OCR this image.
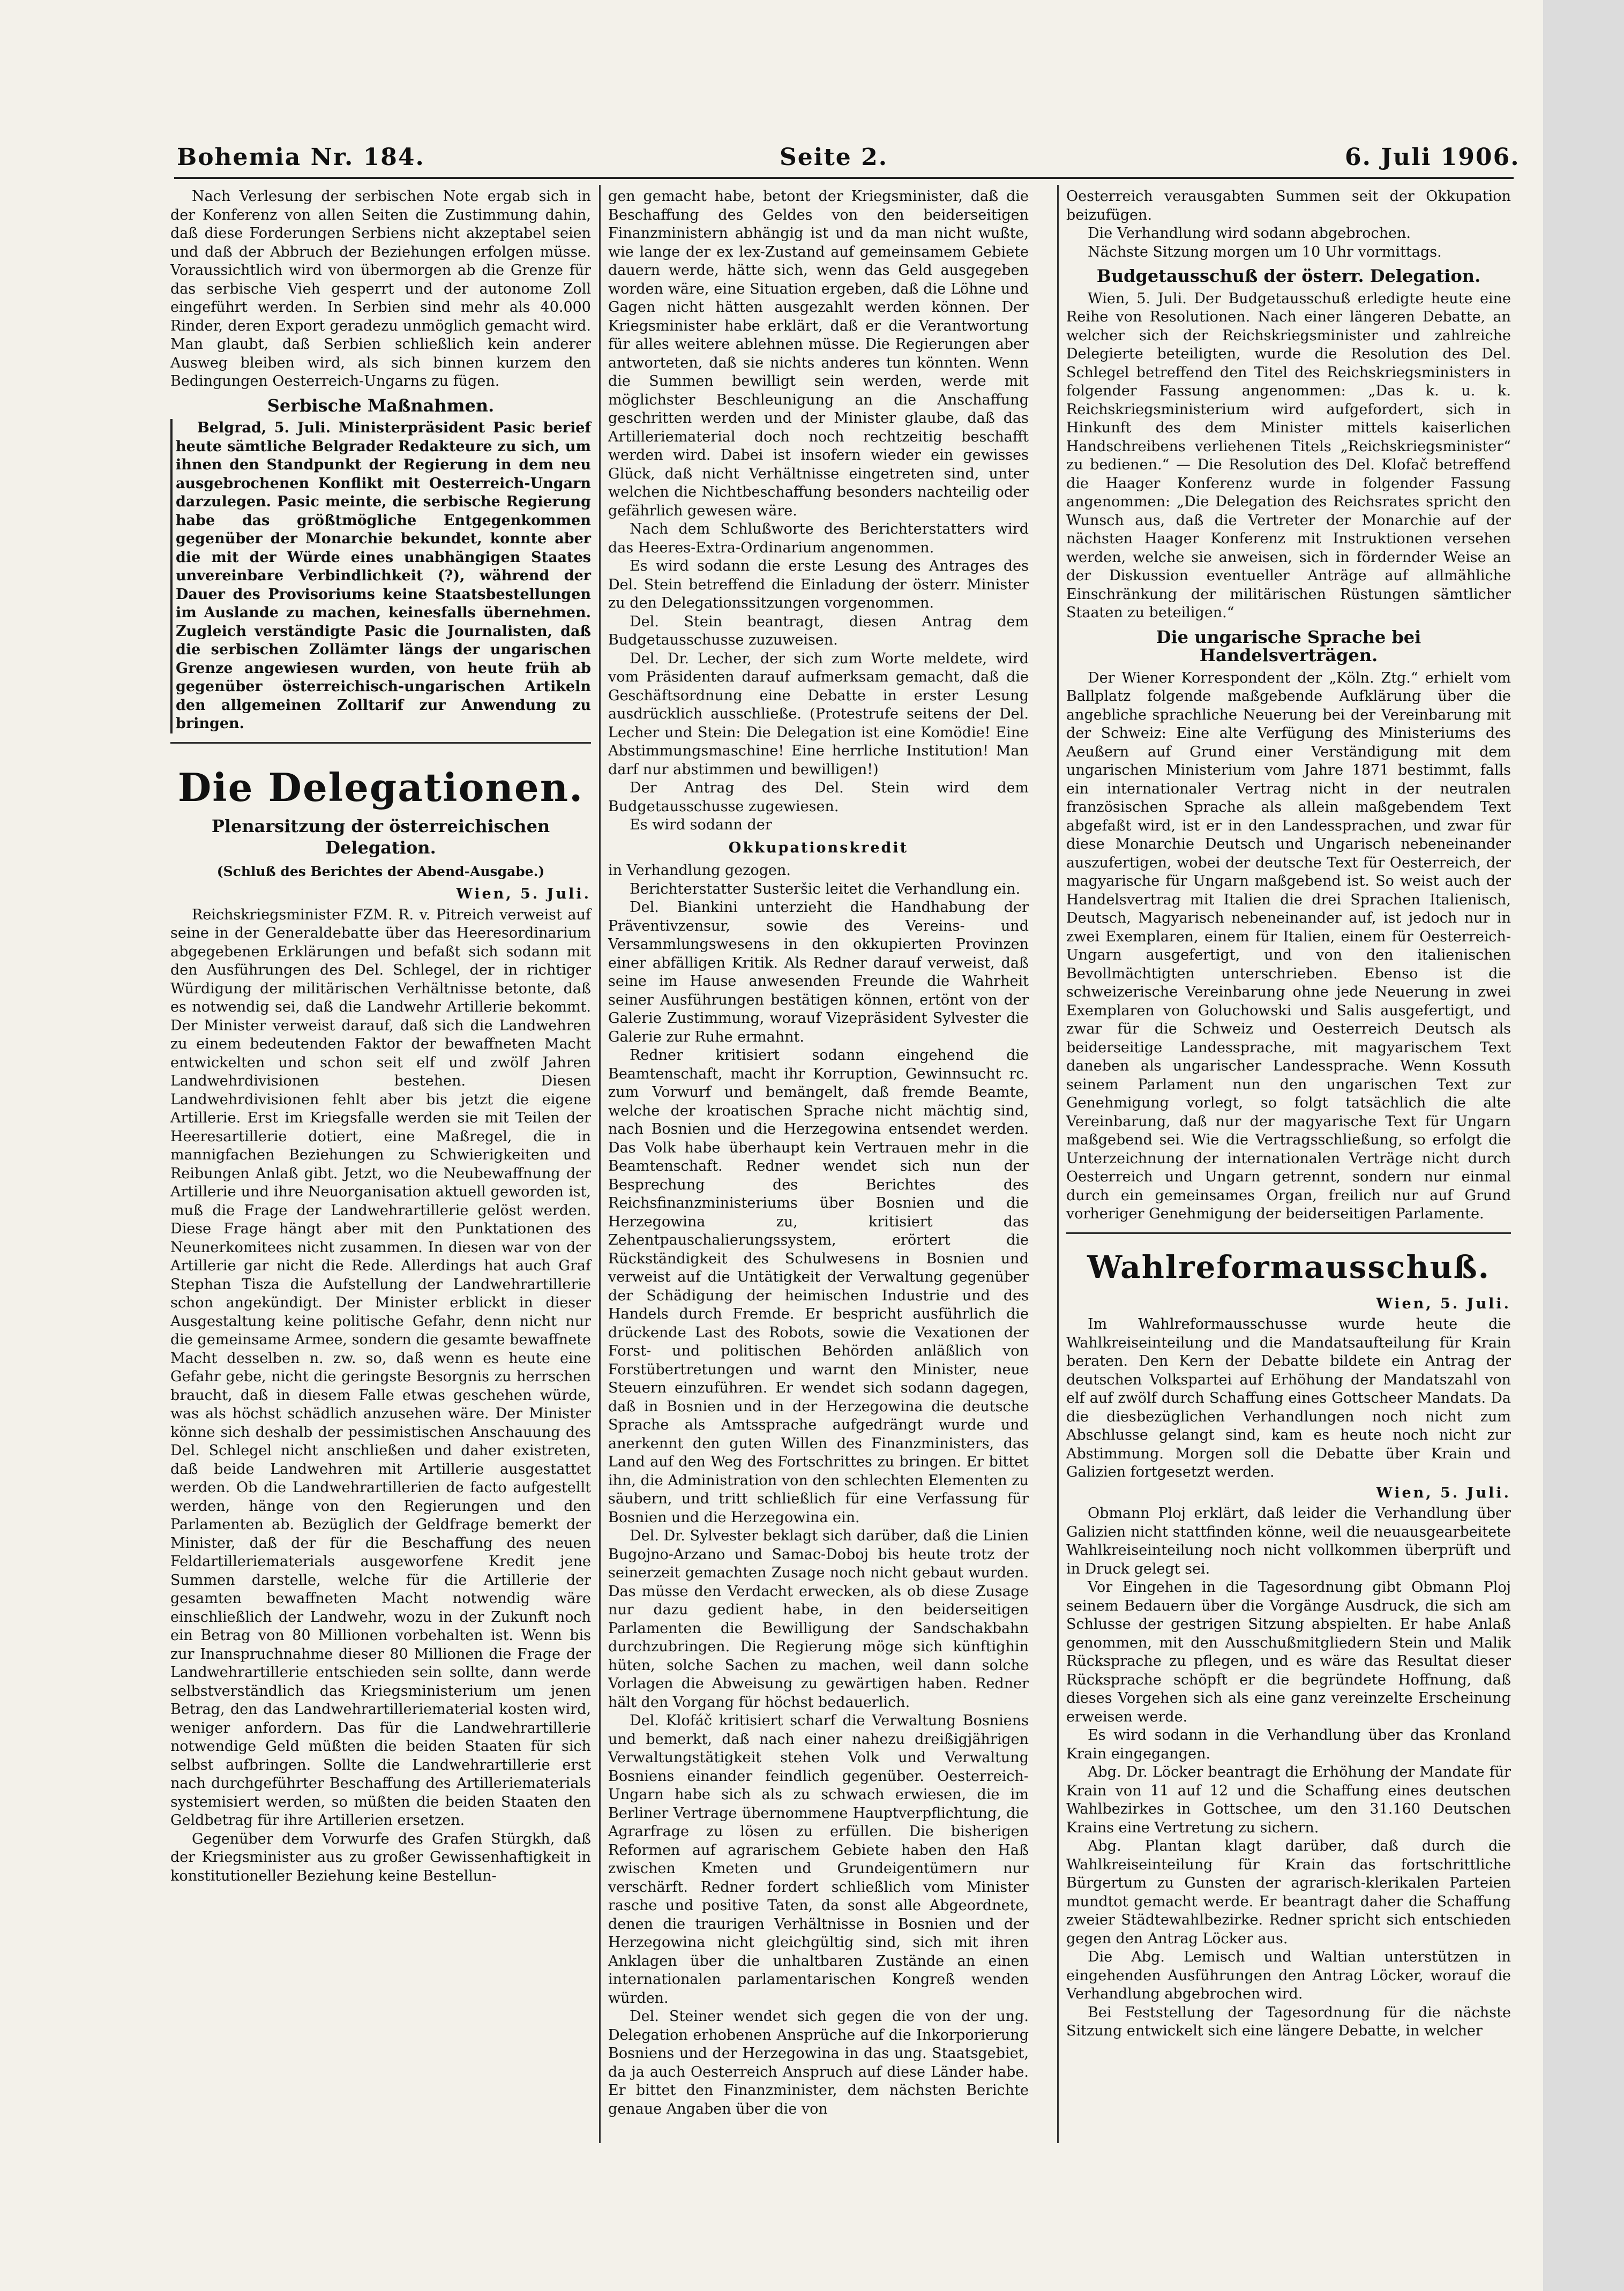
Bohemia Nr. 184.	Seite 2.	6. Juli 1906.

Nach Verlesung der serbischen Note ergab sich in der Konferenz von allen Seiten die Zustimmung dahin, daß diese Forderungen Serbiens nicht akzeptabel seien und daß der Abbruch der Beziehungen erfolgen müsse. Voraussichtlich wird von übermorgen ab die Grenze für das serbische Vieh gesperrt und der autonome Zoll eingeführt werden. In Serbien sind mehr als 40.000 Rinder, deren Export geradezu unmöglich gemacht wird. Man glaubt, daß Serbien schließlich kein anderer Ausweg bleiben wird, als sich binnen kurzem den Bedingungen Oesterreich-Ungarns zu fügen.

Serbische Maßnahmen.

Belgrad, 5. Juli. Ministerpräsident Pasic berief heute sämtliche Belgrader Redakteure zu sich, um ihnen den Standpunkt der Regierung in dem neu ausgebrochenen Konflikt mit Oesterreich-Ungarn darzulegen. Pasic meinte, die serbische Regierung habe das größtmögliche Entgegenkommen gegenüber der Monarchie bekundet, konnte aber die mit der Würde eines unabhängigen Staates unvereinbare Verbindlichkeit (?), während der Dauer des Provisoriums keine Staatsbestellungen im Auslande zu machen, keinesfalls übernehmen. Zugleich verständigte Pasic die Journalisten, daß die serbischen Zollämter längs der ungarischen Grenze angewiesen wurden, von heute früh ab gegenüber österreichisch-ungarischen Artikeln den allgemeinen Zolltarif zur Anwendung zu bringen.

Die Delegationen.
Plenarsitzung der österreichischen Delegation.
(Schluß des Berichtes der Abend-Ausgabe.)
Wien, 5. Juli.

Reichskriegsminister FZM. R. v. Pitreich verweist auf seine in der Generaldebatte über das Heeresordinarium abgegebenen Erklärungen und befaßt sich sodann mit den Ausführungen des Del. Schlegel, der in richtiger Würdigung der militärischen Verhältnisse betonte, daß es notwendig sei, daß die Landwehr Artillerie bekommt. Der Minister verweist darauf, daß sich die Landwehren zu einem bedeutenden Faktor der bewaffneten Macht entwickelten und schon seit elf und zwölf Jahren Landwehrdivisionen bestehen. Diesen Landwehrdivisionen fehlt aber bis jetzt die eigene Artillerie. Erst im Kriegsfalle werden sie mit Teilen der Heeresartillerie dotiert, eine Maßregel, die in mannigfachen Beziehungen zu Schwierigkeiten und Reibungen Anlaß gibt. Jetzt, wo die Neubewaffnung der Artillerie und ihre Neuorganisation aktuell geworden ist, muß die Frage der Landwehrartillerie gelöst werden. Diese Frage hängt aber mit den Punktationen des Neunerkomitees nicht zusammen. In diesen war von der Artillerie gar nicht die Rede. Allerdings hat auch Graf Stephan Tisza die Aufstellung der Landwehrartillerie schon angekündigt. Der Minister erblickt in dieser Ausgestaltung keine politische Gefahr, denn nicht nur die gemeinsame Armee, sondern die gesamte bewaffnete Macht desselben n. zw. so, daß wenn es heute eine Gefahr gebe, nicht die geringste Besorgnis zu herrschen braucht, daß in diesem Falle etwas geschehen würde, was als höchst schädlich anzusehen wäre. Der Minister könne sich deshalb der pessimistischen Anschauung des Del. Schlegel nicht anschließen und daher existreten, daß beide Landwehren mit Artillerie ausgestattet werden. Ob die Landwehrartillerien de facto aufgestellt werden, hänge von den Regierungen und den Parlamenten ab. Bezüglich der Geldfrage bemerkt der Minister, daß der für die Beschaffung des neuen Feldartilleriematerials ausgeworfene Kredit jene Summen darstelle, welche für die Artillerie der gesamten bewaffneten Macht notwendig wäre einschließlich der Landwehr, wozu in der Zukunft noch ein Betrag von 80 Millionen vorbehalten ist. Wenn bis zur Inanspruchnahme dieser 80 Millionen die Frage der Landwehrartillerie entschieden sein sollte, dann werde selbstverständlich das Kriegsministerium um jenen Betrag, den das Landwehrartilleriematerial kosten wird, weniger anfordern. Das für die Landwehrartillerie notwendige Geld müßten die beiden Staaten für sich selbst aufbringen. Sollte die Landwehrartillerie erst nach durchgeführter Beschaffung des Artilleriematerials systemisiert werden, so müßten die beiden Staaten den Geldbetrag für ihre Artillerien ersetzen.

Gegenüber dem Vorwurfe des Grafen Stürgkh, daß der Kriegsminister aus zu großer Gewissenhaftigkeit in konstitutioneller Beziehung keine Bestellun-

gen gemacht habe, betont der Kriegsminister, daß die Beschaffung des Geldes von den beiderseitigen Finanzministern abhängig ist und da man nicht wußte, wie lange der ex lex-Zustand auf gemeinsamem Gebiete dauern werde, hätte sich, wenn das Geld ausgegeben worden wäre, eine Situation ergeben, daß die Löhne und Gagen nicht hätten ausgezahlt werden können. Der Kriegsminister habe erklärt, daß er die Verantwortung für alles weitere ablehnen müsse. Die Regierungen aber antworteten, daß sie nichts anderes tun könnten. Wenn die Summen bewilligt sein werden, werde mit möglichster Beschleunigung an die Anschaffung geschritten werden und der Minister glaube, daß das Artilleriematerial doch noch rechtzeitig beschafft werden wird. Dabei ist insofern wieder ein gewisses Glück, daß nicht Verhältnisse eingetreten sind, unter welchen die Nichtbeschaffung besonders nachteilig oder gefährlich gewesen wäre.

Nach dem Schlußworte des Berichterstatters wird das Heeres-Extra-Ordinarium angenommen.

Es wird sodann die erste Lesung des Antrages des Del. Stein betreffend die Einladung der österr. Minister zu den Delegationssitzungen vorgenommen.

Del. Stein beantragt, diesen Antrag dem Budgetausschusse zuzuweisen.

Del. Dr. Lecher, der sich zum Worte meldete, wird vom Präsidenten darauf aufmerksam gemacht, daß die Geschäftsordnung eine Debatte in erster Lesung ausdrücklich ausschließe. (Protestrufe seitens der Del. Lecher und Stein: Die Delegation ist eine Komödie! Eine Abstimmungsmaschine! Eine herrliche Institution! Man darf nur abstimmen und bewilligen!)

Der Antrag des Del. Stein wird dem Budgetausschusse zugewiesen.

Es wird sodann der

Okkupationskredit

in Verhandlung gezogen.

Berichterstatter Susteršic leitet die Verhandlung ein.

Del. Biankini unterzieht die Handhabung der Präventivzensur, sowie des Vereins- und Versammlungswesens in den okkupierten Provinzen einer abfälligen Kritik. Als Redner darauf verweist, daß seine im Hause anwesenden Freunde die Wahrheit seiner Ausführungen bestätigen können, ertönt von der Galerie Zustimmung, worauf Vizepräsident Sylvester die Galerie zur Ruhe ermahnt.

Redner kritisiert sodann eingehend die Beamtenschaft, macht ihr Korruption, Gewinnsucht rc. zum Vorwurf und bemängelt, daß fremde Beamte, welche der kroatischen Sprache nicht mächtig sind, nach Bosnien und die Herzegowina entsendet werden. Das Volk habe überhaupt kein Vertrauen mehr in die Beamtenschaft. Redner wendet sich nun der Besprechung des Berichtes des Reichsfinanzministeriums über Bosnien und die Herzegowina zu, kritisiert das Zehentpauschalierungssystem, erörtert die Rückständigkeit des Schulwesens in Bosnien und verweist auf die Untätigkeit der Verwaltung gegenüber der Schädigung der heimischen Industrie und des Handels durch Fremde. Er bespricht ausführlich die drückende Last des Robots, sowie die Vexationen der Forst- und politischen Behörden anläßlich von Forstübertretungen und warnt den Minister, neue Steuern einzuführen. Er wendet sich sodann dagegen, daß in Bosnien und in der Herzegowina die deutsche Sprache als Amtssprache aufgedrängt wurde und anerkennt den guten Willen des Finanzministers, das Land auf den Weg des Fortschrittes zu bringen. Er bittet ihn, die Administration von den schlechten Elementen zu säubern, und tritt schließlich für eine Verfassung für Bosnien und die Herzegowina ein.

Del. Dr. Sylvester beklagt sich darüber, daß die Linien Bugojno-Arzano und Samac-Doboj bis heute trotz der seinerzeit gemachten Zusage noch nicht gebaut wurden. Das müsse den Verdacht erwecken, als ob diese Zusage nur dazu gedient habe, in den beiderseitigen Parlamenten die Bewilligung der Sandschakbahn durchzubringen. Die Regierung möge sich künftighin hüten, solche Sachen zu machen, weil dann solche Vorlagen die Abweisung zu gewärtigen haben. Redner hält den Vorgang für höchst bedauerlich.

Del. Klofáč kritisiert scharf die Verwaltung Bosniens und bemerkt, daß nach einer nahezu dreißigjährigen Verwaltungstätigkeit stehen Volk und Verwaltung Bosniens einander feindlich gegenüber. Oesterreich-Ungarn habe sich als zu schwach erwiesen, die im Berliner Vertrage übernommene Hauptverpflichtung, die Agrarfrage zu lösen zu erfüllen. Die bisherigen Reformen auf agrarischem Gebiete haben den Haß zwischen Kmeten und Grundeigentümern nur verschärft. Redner fordert schließlich vom Minister rasche und positive Taten, da sonst alle Abgeordnete, denen die traurigen Verhältnisse in Bosnien und der Herzegowina nicht gleichgültig sind, sich mit ihren Anklagen über die unhaltbaren Zustände an einen internationalen parlamentarischen Kongreß wenden würden.

Del. Steiner wendet sich gegen die von der ung. Delegation erhobenen Ansprüche auf die Inkorporierung Bosniens und der Herzegowina in das ung. Staatsgebiet, da ja auch Oesterreich Anspruch auf diese Länder habe. Er bittet den Finanzminister, dem nächsten Berichte genaue Angaben über die von

Oesterreich verausgabten Summen seit der Okkupation beizufügen.

Die Verhandlung wird sodann abgebrochen.

Nächste Sitzung morgen um 10 Uhr vormittags.

Budgetausschuß der österr. Delegation.

Wien, 5. Juli. Der Budgetausschuß erledigte heute eine Reihe von Resolutionen. Nach einer längeren Debatte, an welcher sich der Reichskriegsminister und zahlreiche Delegierte beteiligten, wurde die Resolution des Del. Schlegel betreffend den Titel des Reichskriegsministers in folgender Fassung angenommen: „Das k. u. k. Reichskriegsministerium wird aufgefordert, sich in Hinkunft des dem Minister mittels kaiserlichen Handschreibens verliehenen Titels „Reichskriegsminister“ zu bedienen.“ — Die Resolution des Del. Klofač betreffend die Haager Konferenz wurde in folgender Fassung angenommen: „Die Delegation des Reichsrates spricht den Wunsch aus, daß die Vertreter der Monarchie auf der nächsten Haager Konferenz mit Instruktionen versehen werden, welche sie anweisen, sich in fördernder Weise an der Diskussion eventueller Anträge auf allmähliche Einschränkung der militärischen Rüstungen sämtlicher Staaten zu beteiligen.“

Die ungarische Sprache bei Handelsverträgen.

Der Wiener Korrespondent der „Köln. Ztg.“ erhielt vom Ballplatz folgende maßgebende Aufklärung über die angebliche sprachliche Neuerung bei der Vereinbarung mit der Schweiz: Eine alte Verfügung des Ministeriums des Aeußern auf Grund einer Verständigung mit dem ungarischen Ministerium vom Jahre 1871 bestimmt, falls ein internationaler Vertrag nicht in der neutralen französischen Sprache als allein maßgebendem Text abgefaßt wird, ist er in den Landessprachen, und zwar für diese Monarchie Deutsch und Ungarisch nebeneinander auszufertigen, wobei der deutsche Text für Oesterreich, der magyarische für Ungarn maßgebend ist. So weist auch der Handelsvertrag mit Italien die drei Sprachen Italienisch, Deutsch, Magyarisch nebeneinander auf, ist jedoch nur in zwei Exemplaren, einem für Italien, einem für Oesterreich-Ungarn ausgefertigt, und von den italienischen Bevollmächtigten unterschrieben. Ebenso ist die schweizerische Vereinbarung ohne jede Neuerung in zwei Exemplaren von Goluchowski und Salis ausgefertigt, und zwar für die Schweiz und Oesterreich Deutsch als beiderseitige Landessprache, mit magyarischem Text daneben als ungarischer Landessprache. Wenn Kossuth seinem Parlament nun den ungarischen Text zur Genehmigung vorlegt, so folgt tatsächlich die alte Vereinbarung, daß nur der magyarische Text für Ungarn maßgebend sei. Wie die Vertragsschließung, so erfolgt die Unterzeichnung der internationalen Verträge nicht durch Oesterreich und Ungarn getrennt, sondern nur einmal durch ein gemeinsames Organ, freilich nur auf Grund vorheriger Genehmigung der beiderseitigen Parlamente.

Wahlreformausschuß.
Wien, 5. Juli.

Im Wahlreformausschusse wurde heute die Wahlkreiseinteilung und die Mandatsaufteilung für Krain beraten. Den Kern der Debatte bildete ein Antrag der deutschen Volkspartei auf Erhöhung der Mandatszahl von elf auf zwölf durch Schaffung eines Gottscheer Mandats. Da die diesbezüglichen Verhandlungen noch nicht zum Abschlusse gelangt sind, kam es heute noch nicht zur Abstimmung. Morgen soll die Debatte über Krain und Galizien fortgesetzt werden.

Wien, 5. Juli.

Obmann Ploj erklärt, daß leider die Verhandlung über Galizien nicht stattfinden könne, weil die neuausgearbeitete Wahlkreiseinteilung noch nicht vollkommen überprüft und in Druck gelegt sei.

Vor Eingehen in die Tagesordnung gibt Obmann Ploj seinem Bedauern über die Vorgänge Ausdruck, die sich am Schlusse der gestrigen Sitzung abspielten. Er habe Anlaß genommen, mit den Ausschußmitgliedern Stein und Malik Rücksprache zu pflegen, und es wäre das Resultat dieser Rücksprache schöpft er die begründete Hoffnung, daß dieses Vorgehen sich als eine ganz vereinzelte Erscheinung erweisen werde.

Es wird sodann in die Verhandlung über das Kronland Krain eingegangen.

Abg. Dr. Löcker beantragt die Erhöhung der Mandate für Krain von 11 auf 12 und die Schaffung eines deutschen Wahlbezirkes in Gottschee, um den 31.160 Deutschen Krains eine Vertretung zu sichern.

Abg. Plantan klagt darüber, daß durch die Wahlkreiseinteilung für Krain das fortschrittliche Bürgertum zu Gunsten der agrarisch-klerikalen Parteien mundtot gemacht werde. Er beantragt daher die Schaffung zweier Städtewahlbezirke. Redner spricht sich entschieden gegen den Antrag Löcker aus.

Die Abg. Lemisch und Waltian unterstützen in eingehenden Ausführungen den Antrag Löcker, worauf die Verhandlung abgebrochen wird.

Bei Feststellung der Tagesordnung für die nächste Sitzung entwickelt sich eine längere Debatte, in welcher
